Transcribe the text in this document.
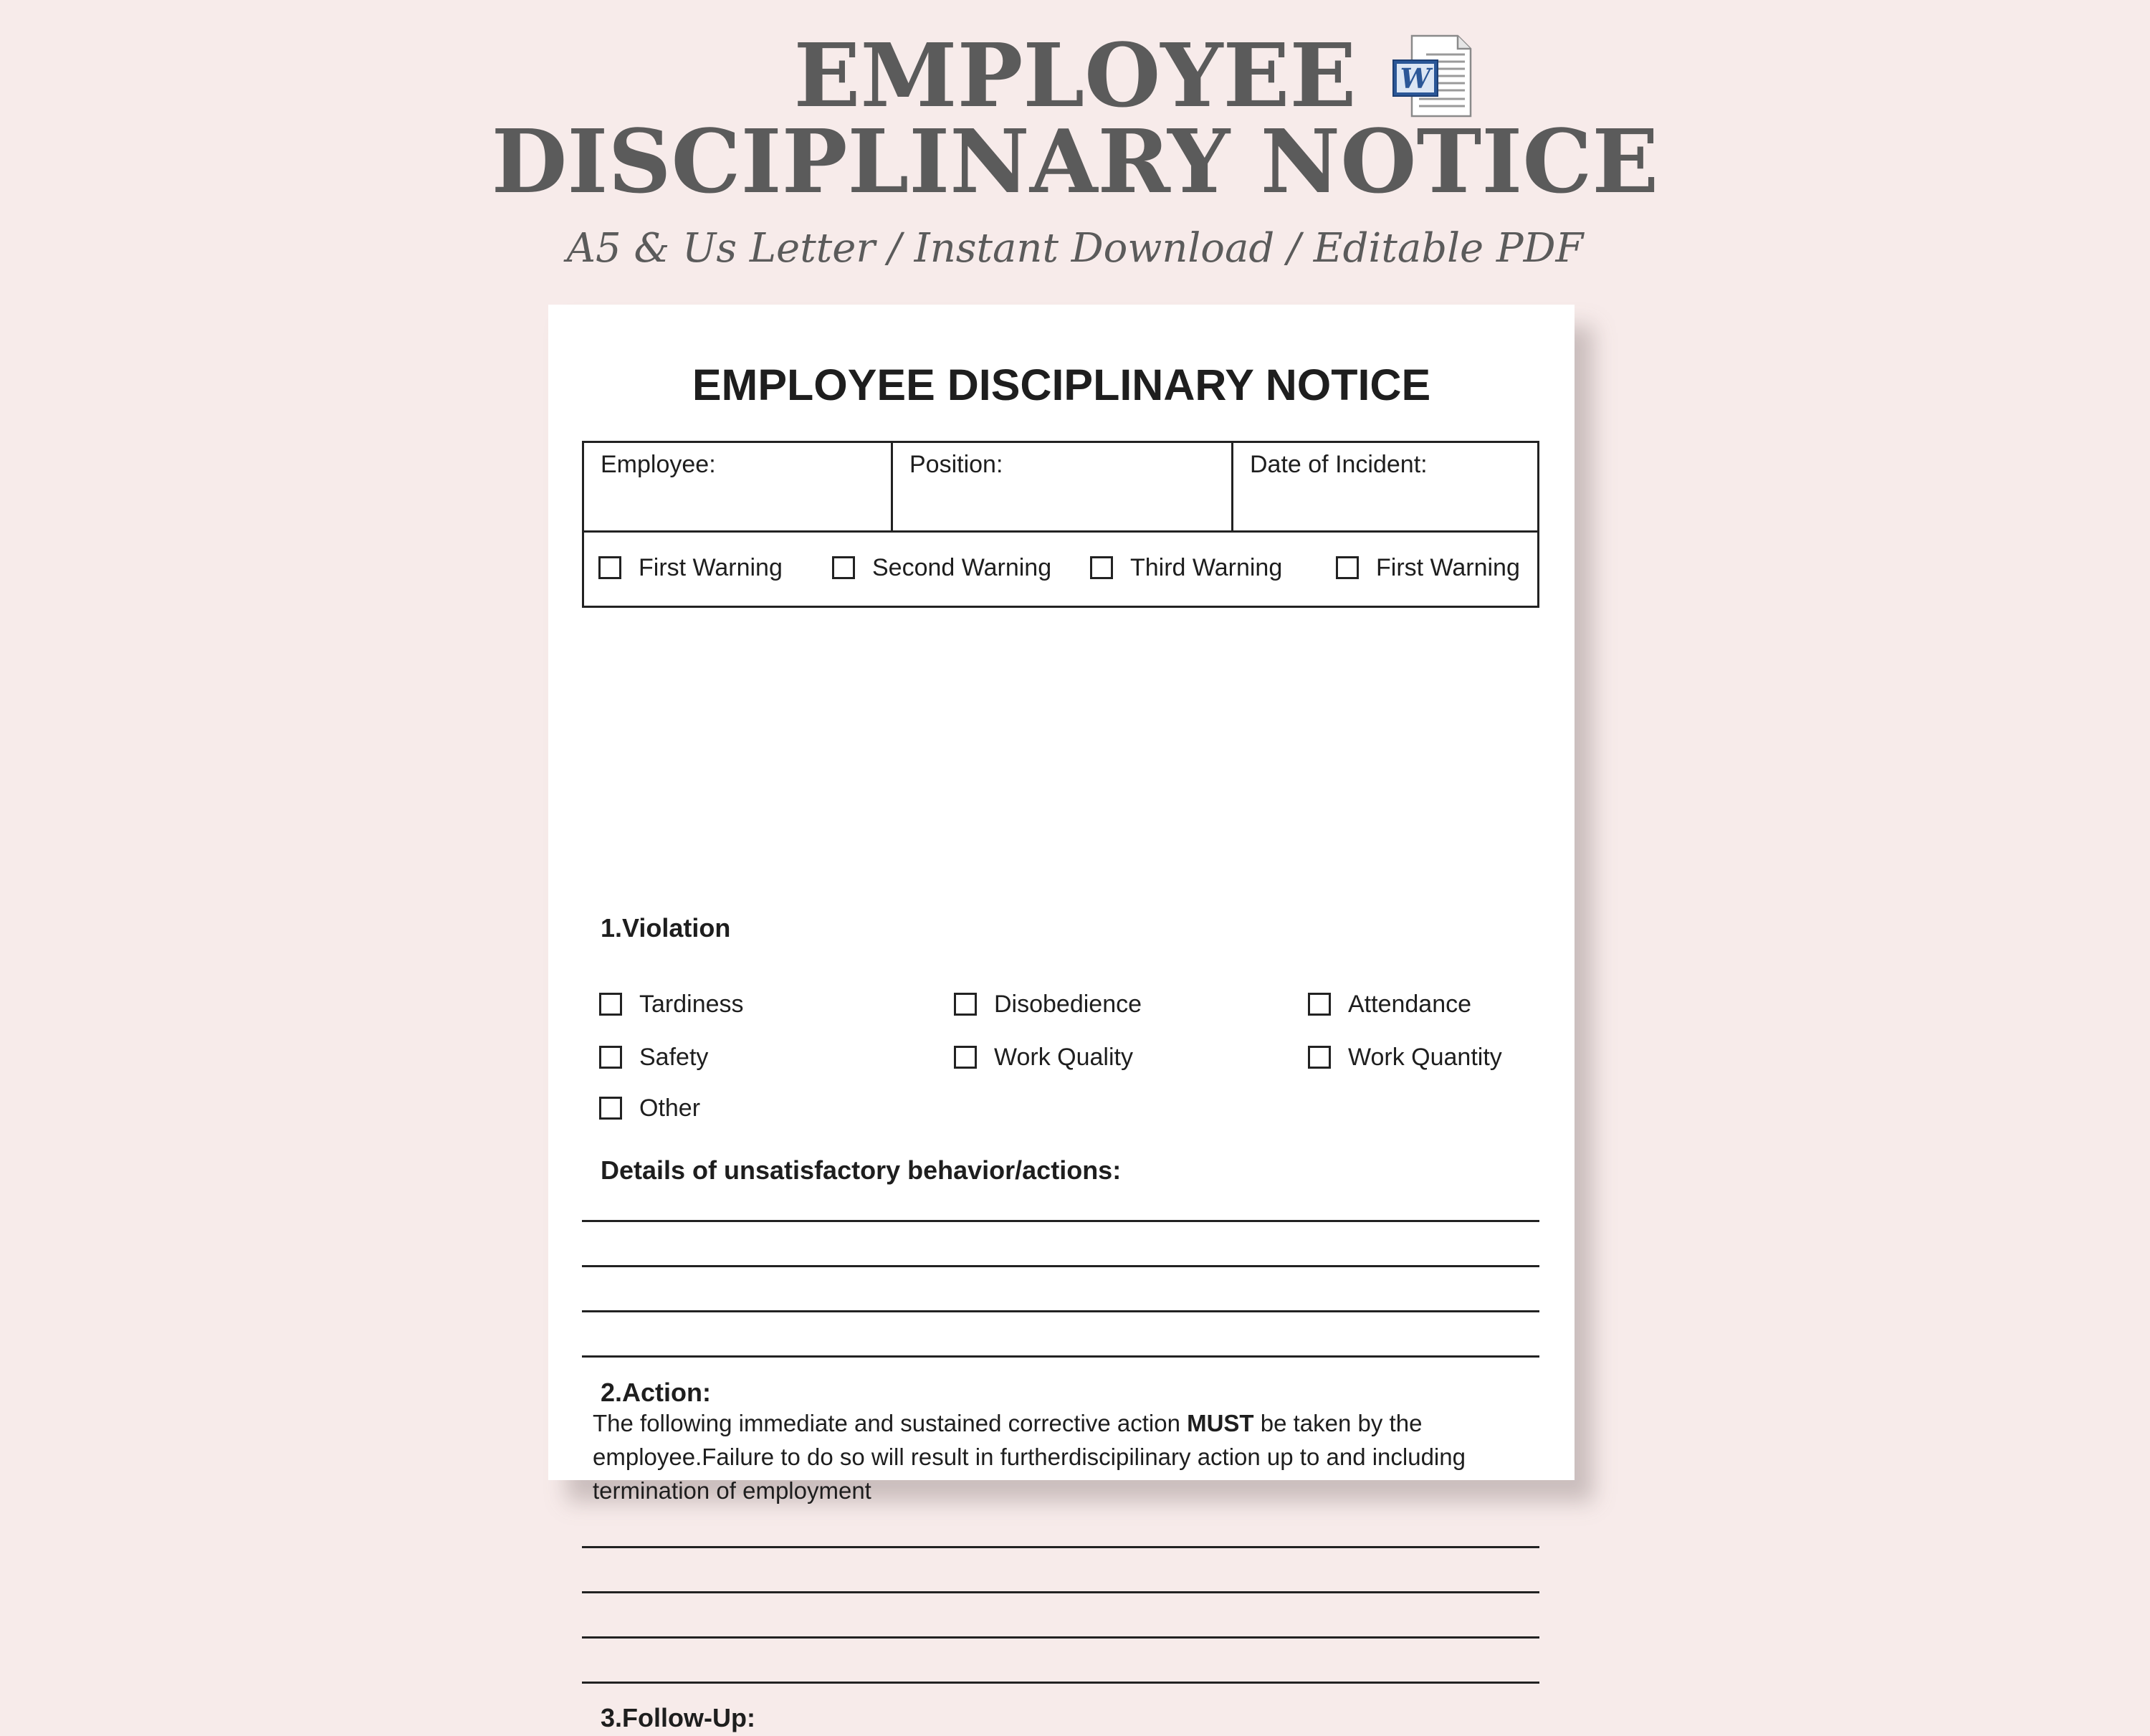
EMPLOYEE W
DISCIPLINARY NOTICE
A5 & Us Letter / Instant Download / Editable PDF
EMPLOYEE DISCIPLINARY NOTICE
Employee:	Position:	Date of Incident:
First Warning	Second Warning	Third Warning	First Warning
1.Violation
Tardiness	Disobedience	Attendance
Safety	Work Quality	Work Quantity
Other
Details of unsatisfactory behavior/actions:
2.Action:
The following immediate and sustained corrective action MUST be taken by the employee.Failure to do so will result in furtherdiscipilinary action up to and including termination of employment
3.Follow-Up:
